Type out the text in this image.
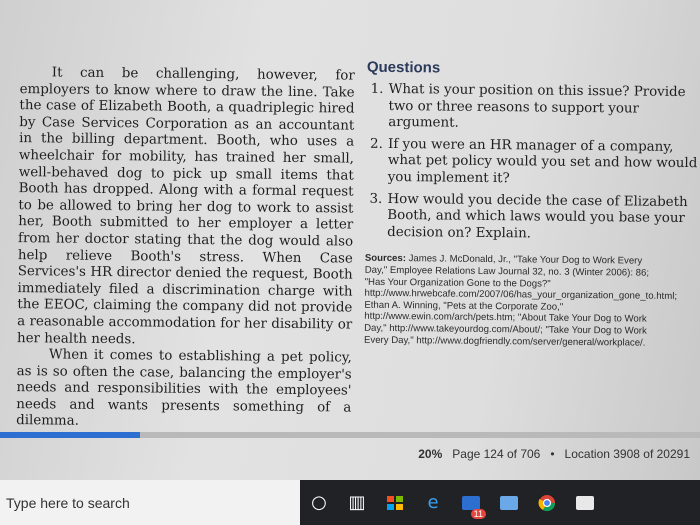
It can be challenging, however, for employers to know where to draw the line. Take the case of Elizabeth Booth, a quadriplegic hired by Case Services Corporation as an accountant in the billing department. Booth, who uses a wheelchair for mobility, has trained her small, well-behaved dog to pick up small items that Booth has dropped. Along with a formal request to be allowed to bring her dog to work to assist her, Booth submitted to her employer a letter from her doctor stating that the dog would also help relieve Booth's stress. When Case Services's HR director denied the request, Booth immediately filed a discrimination charge with the EEOC, claiming the company did not provide a reasonable accommodation for her disability or her health needs.

When it comes to establishing a pet policy, as is so often the case, balancing the employer's needs and responsibilities with the employees' needs and wants presents something of a dilemma.

Questions
1. What is your position on this issue? Provide two or three reasons to support your argument.
2. If you were an HR manager of a company, what pet policy would you set and how would you implement it?
3. How would you decide the case of Elizabeth Booth, and which laws would you base your decision on? Explain.
Sources: James J. McDonald, Jr., "Take Your Dog to Work Every Day," Employee Relations Law Journal 32, no. 3 (Winter 2006): 86; "Has Your Organization Gone to the Dogs?" http://www.hrwebcafe.com/2007/06/has_your_organization_gone_to.html; Ethan A. Winning, "Pets at the Corporate Zoo," http://www.ewin.com/arch/pets.htm; "About Take Your Dog to Work Day," http://www.takeyourdog.com/About/; "Take Your Dog to Work Every Day," http://www.dogfriendly.com/server/general/workplace/.
20% Page 124 of 706 • Location 3908 of 20291
Type here to search	○	▥	e
11
